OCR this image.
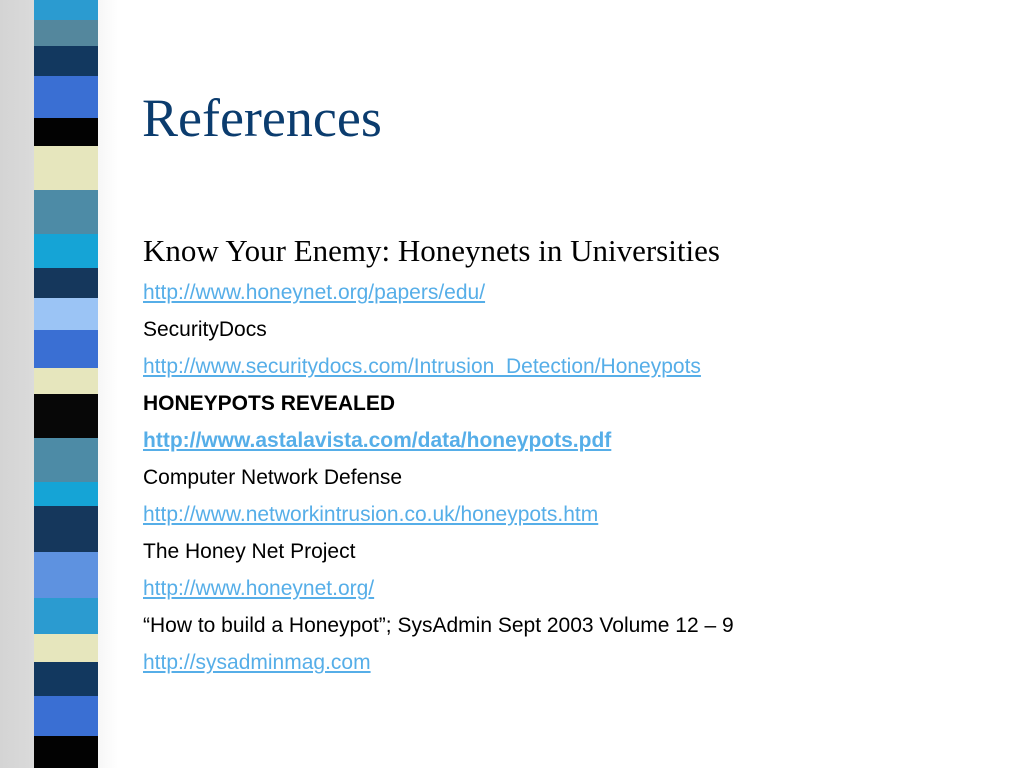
References
Know Your Enemy: Honeynets in Universities
http://www.honeynet.org/papers/edu/
SecurityDocs
http://www.securitydocs.com/Intrusion_Detection/Honeypots
HONEYPOTS REVEALED
http://www.astalavista.com/data/honeypots.pdf
Computer Network Defense
http://www.networkintrusion.co.uk/honeypots.htm
The Honey Net Project
http://www.honeynet.org/
“How to build a Honeypot”; SysAdmin Sept 2003 Volume 12 – 9
http://sysadminmag.com
